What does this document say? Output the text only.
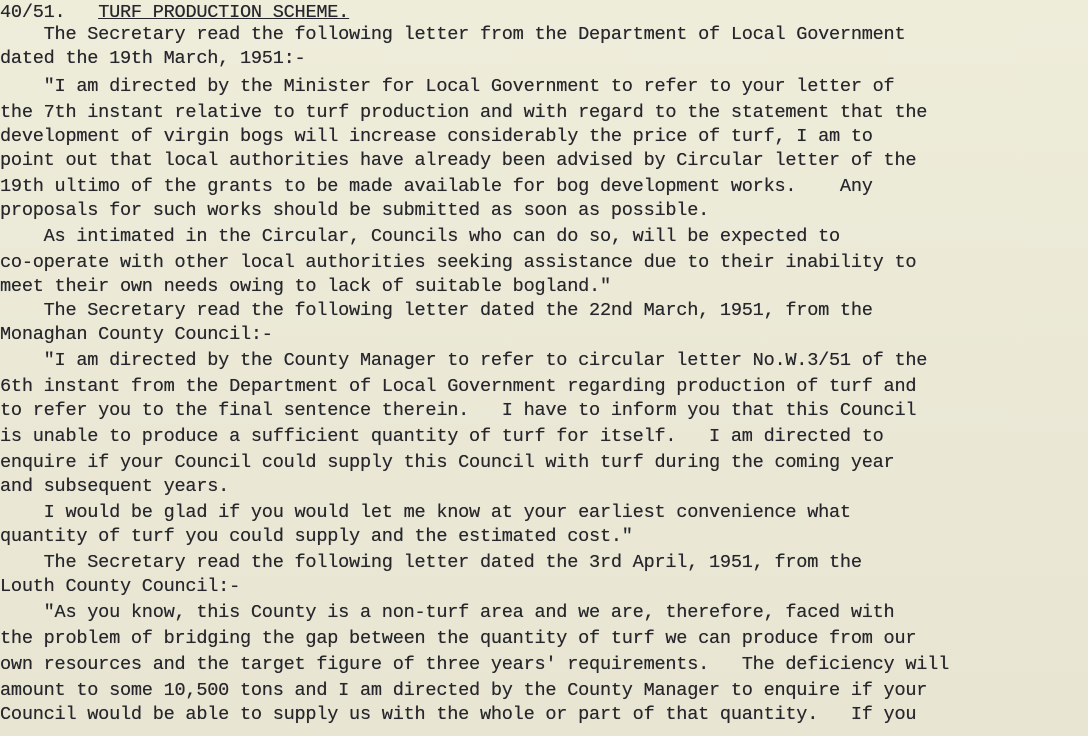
40/51. TURF PRODUCTION SCHEME.
The Secretary read the following letter from the Department of Local Government
dated the 19th March, 1951:-
"I am directed by the Minister for Local Government to refer to your letter of
the 7th instant relative to turf production and with regard to the statement that the
development of virgin bogs will increase considerably the price of turf, I am to
point out that local authorities have already been advised by Circular letter of the
19th ultimo of the grants to be made available for bog development works.    Any
proposals for such works should be submitted as soon as possible.
As intimated in the Circular, Councils who can do so, will be expected to
co-operate with other local authorities seeking assistance due to their inability to
meet their own needs owing to lack of suitable bogland."
The Secretary read the following letter dated the 22nd March, 1951, from the
Monaghan County Council:-
"I am directed by the County Manager to refer to circular letter No.W.3/51 of the
6th instant from the Department of Local Government regarding production of turf and
to refer you to the final sentence therein.   I have to inform you that this Council
is unable to produce a sufficient quantity of turf for itself.   I am directed to
enquire if your Council could supply this Council with turf during the coming year
and subsequent years.
I would be glad if you would let me know at your earliest convenience what
quantity of turf you could supply and the estimated cost."
The Secretary read the following letter dated the 3rd April, 1951, from the
Louth County Council:-
"As you know, this County is a non-turf area and we are, therefore, faced with
the problem of bridging the gap between the quantity of turf we can produce from our
own resources and the target figure of three years' requirements.   The deficiency will
amount to some 10,500 tons and I am directed by the County Manager to enquire if your
Council would be able to supply us with the whole or part of that quantity.   If you
